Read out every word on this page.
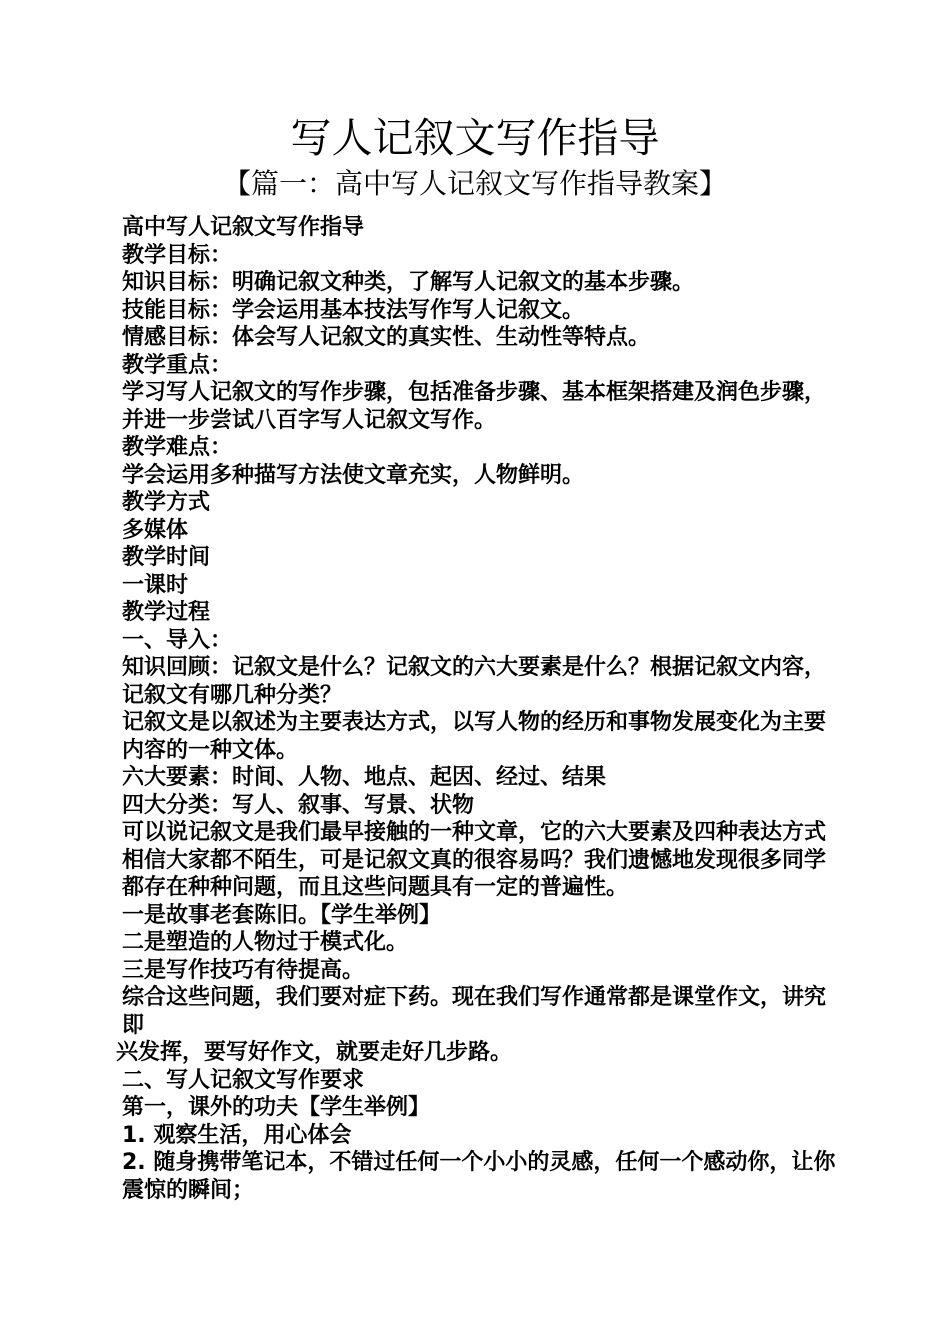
写人记叙文写作指导
【篇一：高中写人记叙文写作指导教案】

高中写人记叙文写作指导

教学目标：

知识目标：明确记叙文种类，了解写人记叙文的基本步骤。

技能目标：学会运用基本技法写作写人记叙文。

情感目标：体会写人记叙文的真实性、生动性等特点。

教学重点：

学习写人记叙文的写作步骤，包括准备步骤、基本框架搭建及润色步骤，并进一步尝试八百字写人记叙文写作。

教学难点：

学会运用多种描写方法使文章充实，人物鲜明。

教学方式

多媒体

教学时间

一课时

教学过程

一、导入：

知识回顾：记叙文是什么？记叙文的六大要素是什么？根据记叙文内容，记叙文有哪几种分类？

记叙文是以叙述为主要表达方式，以写人物的经历和事物发展变化为主要内容的一种文体。

六大要素：时间、人物、地点、起因、经过、结果

四大分类：写人、叙事、写景、状物

可以说记叙文是我们最早接触的一种文章，它的六大要素及四种表达方式相信大家都不陌生，可是记叙文真的很容易吗？我们遗憾地发现很多同学都存在种种问题，而且这些问题具有一定的普遍性。

一是故事老套陈旧。【学生举例】

二是塑造的人物过于模式化。

三是写作技巧有待提高。

综合这些问题，我们要对症下药。现在我们写作通常都是课堂作文，讲究即

兴发挥，要写好作文，就要走好几步路。

二、写人记叙文写作要求

第一，课外的功夫【学生举例】

1. 观察生活，用心体会

2. 随身携带笔记本，不错过任何一个小小的灵感，任何一个感动你，让你震惊的瞬间；
